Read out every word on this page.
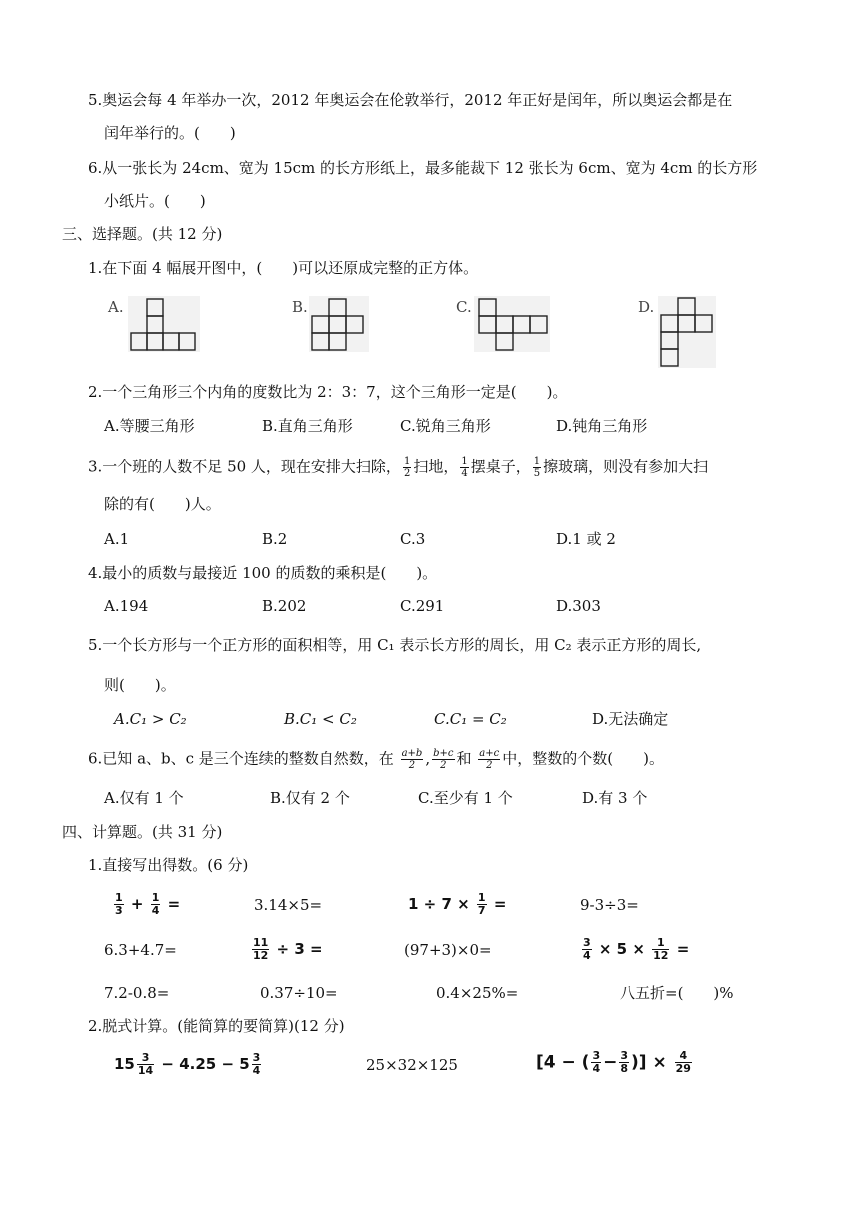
5.奥运会每 4 年举办一次，2012 年奥运会在伦敦举行，2012 年正好是闰年，所以奥运会都是在
闰年举行的。(　　)
6.从一张长为 24cm、宽为 15cm 的长方形纸上，最多能裁下 12 张长为 6cm、宽为 4cm 的长方形
小纸片。(　　)
三、选择题。(共 12 分)
1.在下面 4 幅展开图中，(　　)可以还原成完整的正方体。
A.	B.	C.	D.
2.一个三角形三个内角的度数比为 2：3：7，这个三角形一定是(　　)。
A.等腰三角形	B.直角三角形	C.锐角三角形	D.钝角三角形
3.一个班的人数不足 50 人，现在安排大扫除， $\frac{1}{2}$ 扫地， $\frac{1}{4}$ 摆桌子， $\frac{1}{5}$ 擦玻璃，则没有参加大扫
除的有(　　)人。
A.1	B.2	C.3	D.1 或 2
4.最小的质数与最接近 100 的质数的乘积是(　　)。
A.194	B.202	C.291	D.303
5.一个长方形与一个正方形的面积相等，用 C₁ 表示长方形的周长，用 C₂ 表示正方形的周长,
则(　　)。
A.C₁ > C₂	B.C₁ < C₂	C.C₁ = C₂	D.无法确定
6.已知 a、b、c 是三个连续的整数自然数，在 $\frac{a+b}{2}$ , $\frac{b+c}{2}$ 和 $\frac{a+c}{2}$ 中，整数的个数(　　)。
A.仅有 1 个	B.仅有 2 个	C.至少有 1 个	D.有 3 个
四、计算题。(共 31 分)
1.直接写出得数。(6 分)
$\frac{1}{3} + \frac{1}{4}$ =	3.14×5=	$1 \div 7 \times \frac{1}{7}$ =	9-3÷3=
6.3+4.7=	$\frac{11}{12} \div 3$ =	(97+3)×0=	$\frac{3}{4} \times 5 \times \frac{1}{12}$ =
7.2-0.8=	0.37÷10=	0.4×25%=	八五折=(　　)%
2.脱式计算。(能简算的要简算)(12 分)
$15 \frac{3}{14} - 4.25 - 5 \frac{3}{4}$	25×32×125	[4 − ( $\frac{3}{4} - \frac{3}{8}$ )] × $\frac{4}{29}$
